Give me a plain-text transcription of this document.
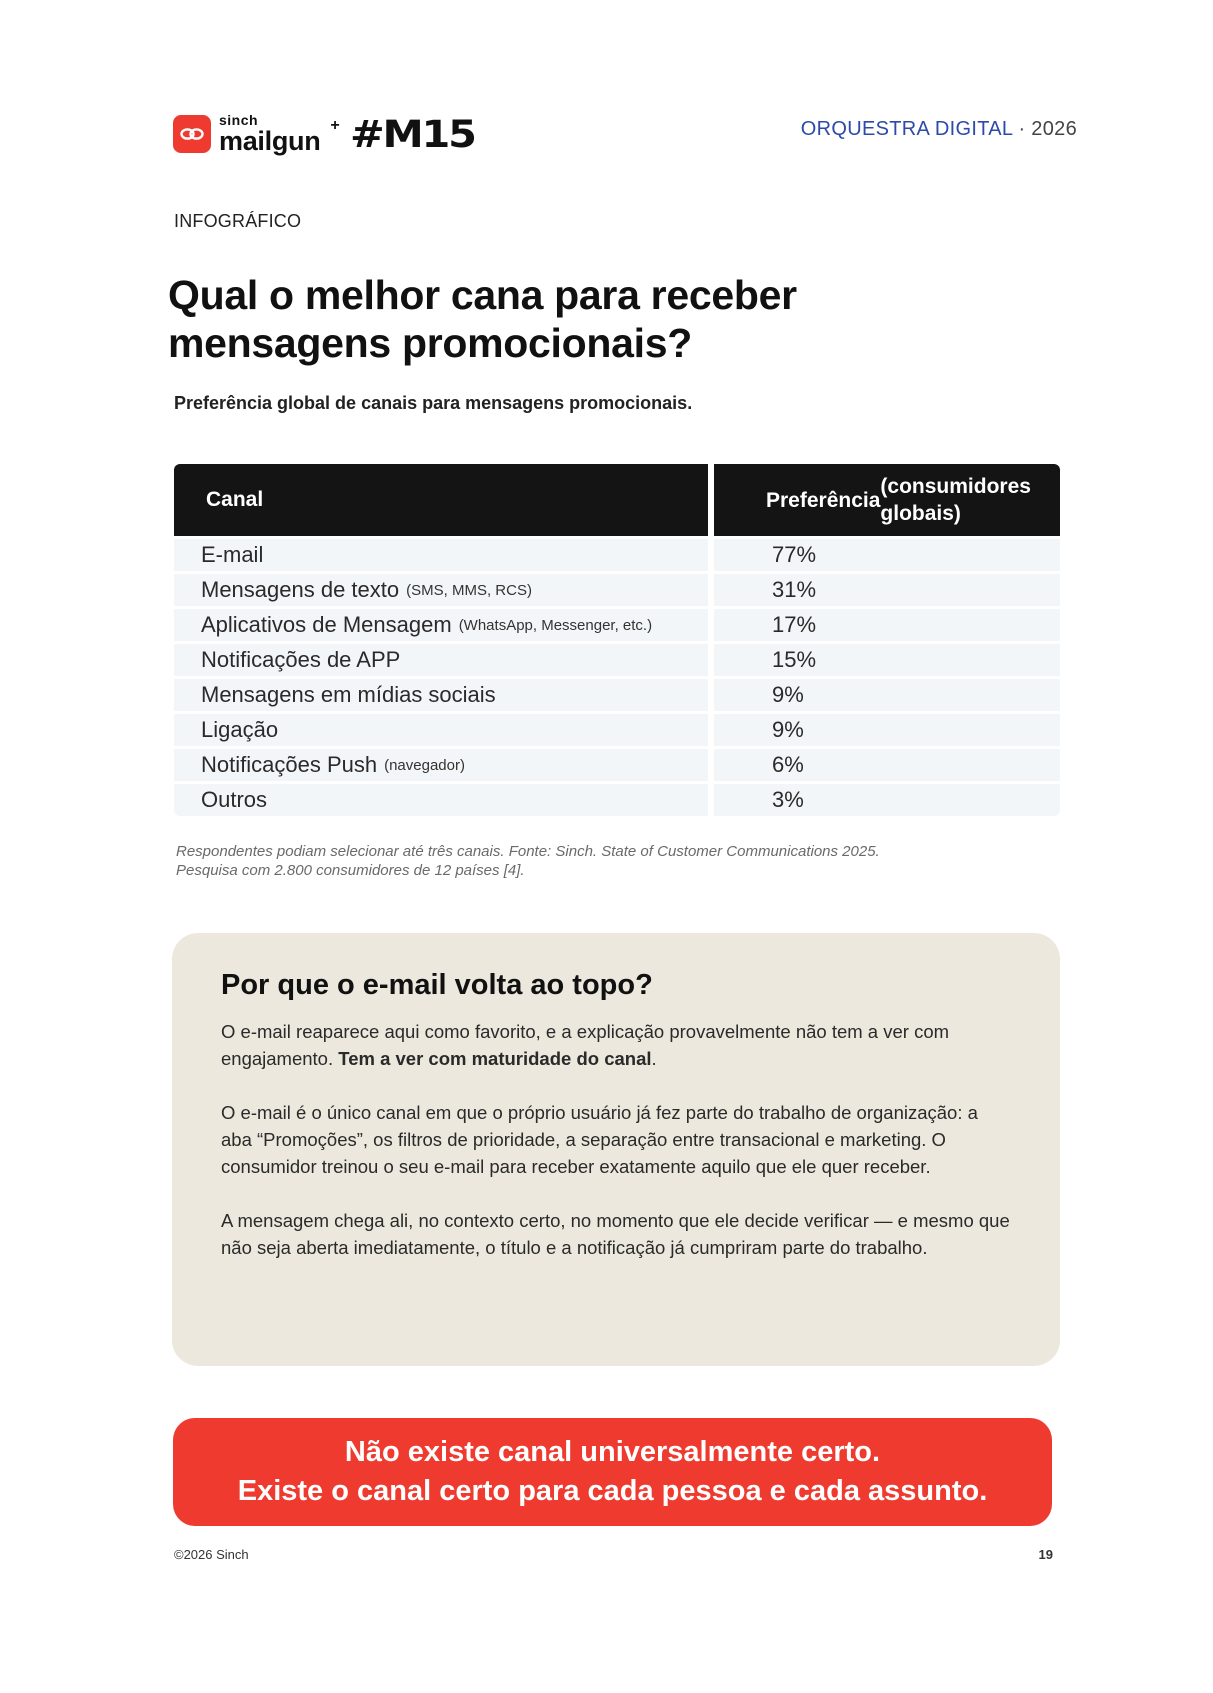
sinch
mailgun
+ #M15	ORQUESTRA DIGITAL · 2026
INFOGRÁFICO
Qual o melhor cana para receber
mensagens promocionais?
Preferência global de canais para mensagens promocionais.
Canal	Preferência
(consumidores globais)
E-mail	77%
Mensagens de texto (SMS, MMS, RCS)	31%
Aplicativos de Mensagem (WhatsApp, Messenger, etc.)	17%
Notificações de APP	15%
Mensagens em mídias sociais	9%
Ligação	9%
Notificações Push (navegador)	6%
Outros	3%
Respondentes podiam selecionar até três canais. Fonte: Sinch. State of Customer Communications 2025.
Pesquisa com 2.800 consumidores de 12 países [4].
Por que o e-mail volta ao topo?

O e-mail reaparece aqui como favorito, e a explicação provavelmente não tem a ver com engajamento. Tem a ver com maturidade do canal.

O e-mail é o único canal em que o próprio usuário já fez parte do trabalho de organização: a aba “Promoções”, os filtros de prioridade, a separação entre transacional e marketing. O consumidor treinou o seu e-mail para receber exatamente aquilo que ele quer receber.

A mensagem chega ali, no contexto certo, no momento que ele decide verificar — e mesmo que não seja aberta imediatamente, o título e a notificação já cumpriram parte do trabalho.

Não existe canal universalmente certo.
Existe o canal certo para cada pessoa e cada assunto.
©2026 Sinch	19
